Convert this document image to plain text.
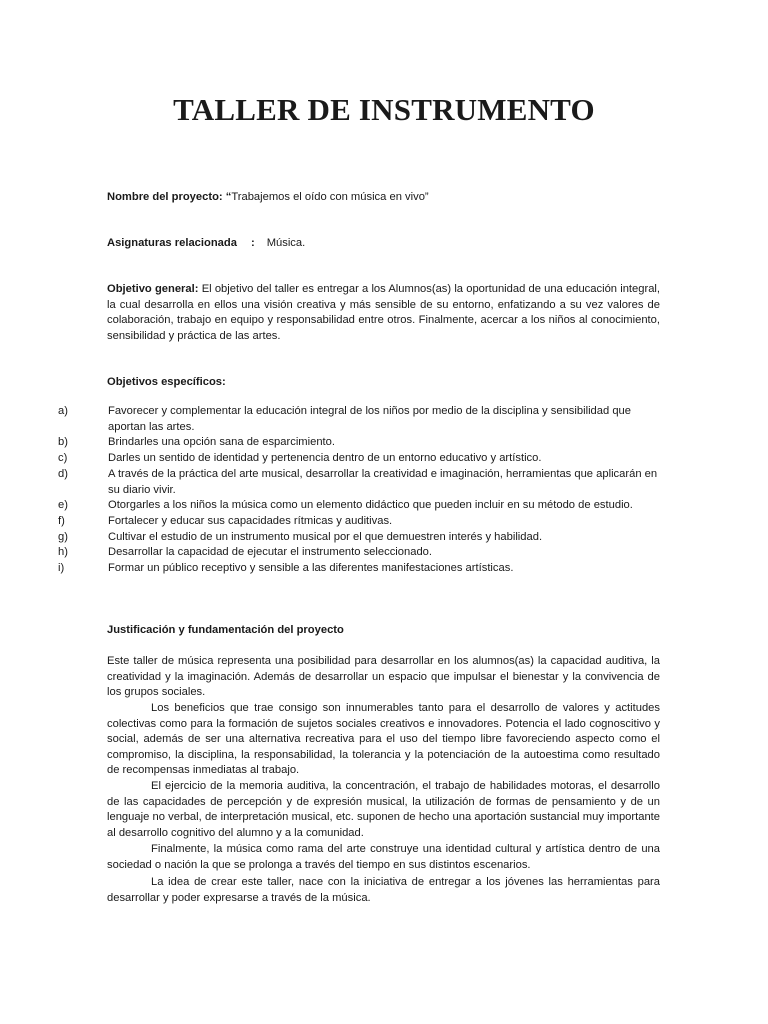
TALLER DE INSTRUMENTO
Nombre del proyecto: “Trabajemos el oído con música en vivo”
Asignaturas relacionada : Música.

Objetivo general: El objetivo del taller es entregar a los Alumnos(as) la oportunidad de una educación integral, la cual desarrolla en ellos una visión creativa y más sensible de su entorno, enfatizando a su vez valores de colaboración, trabajo en equipo y responsabilidad entre otros. Finalmente, acercar a los niños al conocimiento, sensibilidad y práctica de las artes.

Objetivos específicos:
a)	Favorecer y complementar la educación integral de los niños por medio de la disciplina y sensibilidad que aportan las artes.
b)	Brindarles una opción sana de esparcimiento.
c)	Darles un sentido de identidad y pertenencia dentro de un entorno educativo y artístico.
d)	A través de la práctica del arte musical, desarrollar la creatividad e imaginación, herramientas que aplicarán en su diario vivir.
e)	Otorgarles a los niños la música como un elemento didáctico que pueden incluir en su método de estudio.
f)	Fortalecer y educar sus capacidades rítmicas y auditivas.
g)	Cultivar el estudio de un instrumento musical por el que demuestren interés y habilidad.
h)	Desarrollar la capacidad de ejecutar el instrumento seleccionado.
i)	Formar un público receptivo y sensible a las diferentes manifestaciones artísticas.
Justificación y fundamentación del proyecto

Este taller de música representa una posibilidad para desarrollar en los alumnos(as) la capacidad auditiva, la creatividad y la imaginación. Además de desarrollar un espacio que impulsar el bienestar y la convivencia de los grupos sociales.

Los beneficios que trae consigo son innumerables tanto para el desarrollo de valores y actitudes colectivas como para la formación de sujetos sociales creativos e innovadores. Potencia el lado cognoscitivo y social, además de ser una alternativa recreativa para el uso del tiempo libre favoreciendo aspecto como el compromiso, la disciplina, la responsabilidad, la tolerancia y la potenciación de la autoestima como resultado de recompensas inmediatas al trabajo.

El ejercicio de la memoria auditiva, la concentración, el trabajo de habilidades motoras, el desarrollo de las capacidades de percepción y de expresión musical, la utilización de formas de pensamiento y de un lenguaje no verbal, de interpretación musical, etc. suponen de hecho una aportación sustancial muy importante al desarrollo cognitivo del alumno y a la comunidad.

Finalmente, la música como rama del arte construye una identidad cultural y artística dentro de una sociedad o nación la que se prolonga a través del tiempo en sus distintos escenarios.

La idea de crear este taller, nace con la iniciativa de entregar a los jóvenes las herramientas para desarrollar y poder expresarse a través de la música.
